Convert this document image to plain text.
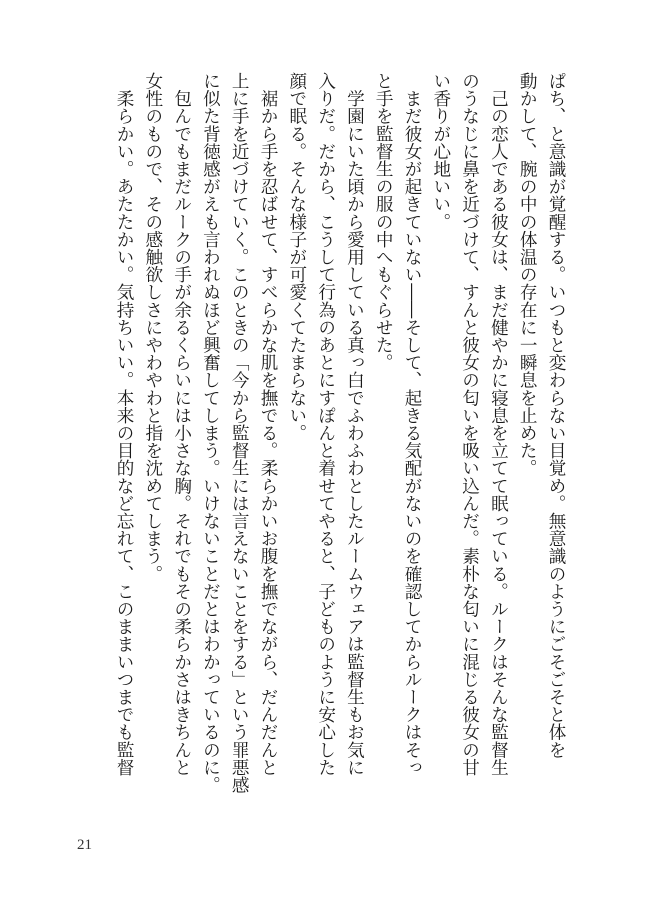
ぱち、と意識が覚醒する。いつもと変わらない目覚め。無意識のようにごそごそと体を

動かして、腕の中の体温の存在に一瞬息を止めた。

　己の恋人である彼女は、まだ健やかに寝息を立てて眠っている。ルークはそんな監督生

のうなじに鼻を近づけて、すんと彼女の匂いを吸い込んだ。素朴な匂いに混じる彼女の甘

い香りが心地いい。

　まだ彼女が起きていない――そして、起きる気配がないのを確認してからルークはそっ

と手を監督生の服の中へもぐらせた。

　学園にいた頃から愛用している真っ白でふわふわとしたルームウェアは監督生もお気に

入りだ。だから、こうして行為のあとにすぽんと着せてやると、子どものように安心した

顔で眠る。そんな様子が可愛くてたまらない。

　裾から手を忍ばせて、すべらかな肌を撫でる。柔らかいお腹を撫でながら、だんだんと

上に手を近づけていく。このときの「今から監督生には言えないことをする」という罪悪感

に似た背徳感がえも言われぬほど興奮してしまう。いけないことだとはわかっているのに。

　包んでもまだルークの手が余るくらいには小さな胸。それでもその柔らかさはきちんと

女性のもので、その感触欲しさにやわやわと指を沈めてしまう。

　柔らかい。あたたかい。気持ちいい。本来の目的など忘れて、このままいつまでも監督

21
